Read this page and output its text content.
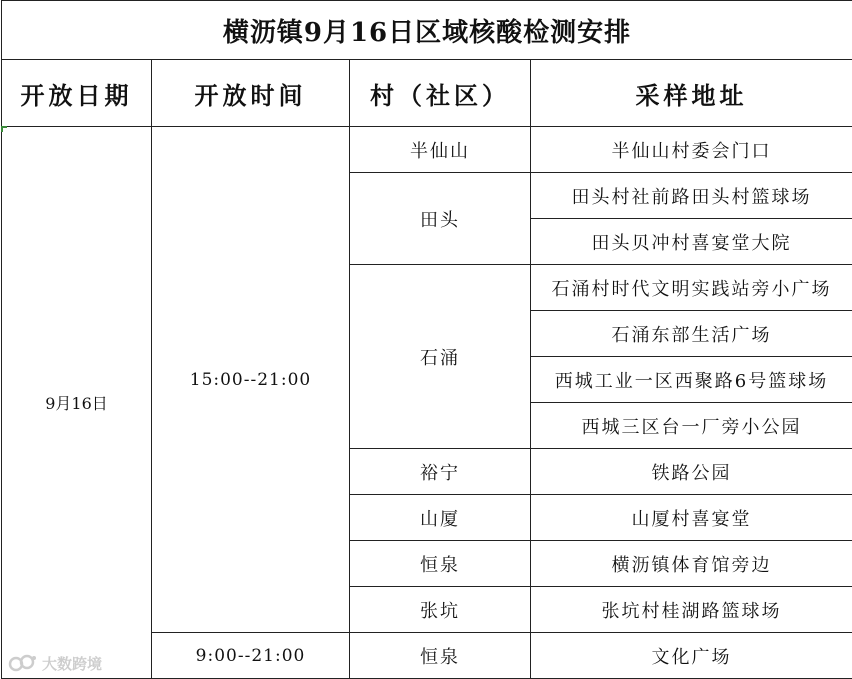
横沥镇9月16日区域核酸检测安排			
开放日期	开放时间	村（社区）	采样地址
9月16日	15:00--21:00	半仙山	半仙山村委会门口
		田头	田头村社前路田头村篮球场
			田头贝冲村喜宴堂大院
		石涌	石涌村时代文明实践站旁小广场
			石涌东部生活广场
			西城工业一区西聚路6号篮球场
			西城三区台一厂旁小公园
		裕宁	铁路公园
		山厦	山厦村喜宴堂
		恒泉	横沥镇体育馆旁边
		张坑	张坑村桂湖路篮球场
	9:00--21:00	恒泉	文化广场
大数跨境
